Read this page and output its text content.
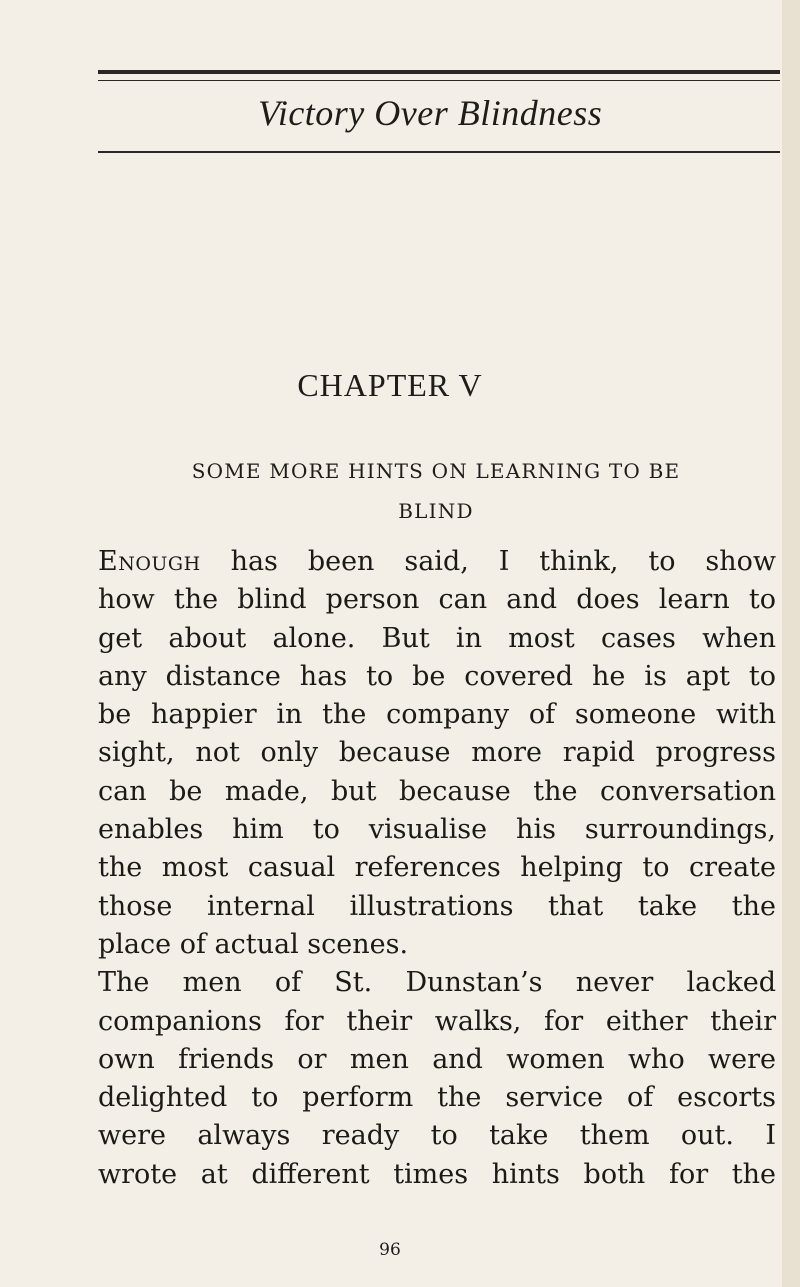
Victory Over Blindness
CHAPTER V
SOME MORE HINTS ON LEARNING TO BE
BLIND
Enough has been said, I think, to show
how the blind person can and does learn to
get about alone. But in most cases when
any distance has to be covered he is apt to
be happier in the company of someone with
sight, not only because more rapid progress
can be made, but because the conversation
enables him to visualise his surroundings,
the most casual references helping to create
those internal illustrations that take the
place of actual scenes.
The men of St. Dunstan’s never lacked
companions for their walks, for either their
own friends or men and women who were
delighted to perform the service of escorts
were always ready to take them out. I
wrote at different times hints both for the
96
